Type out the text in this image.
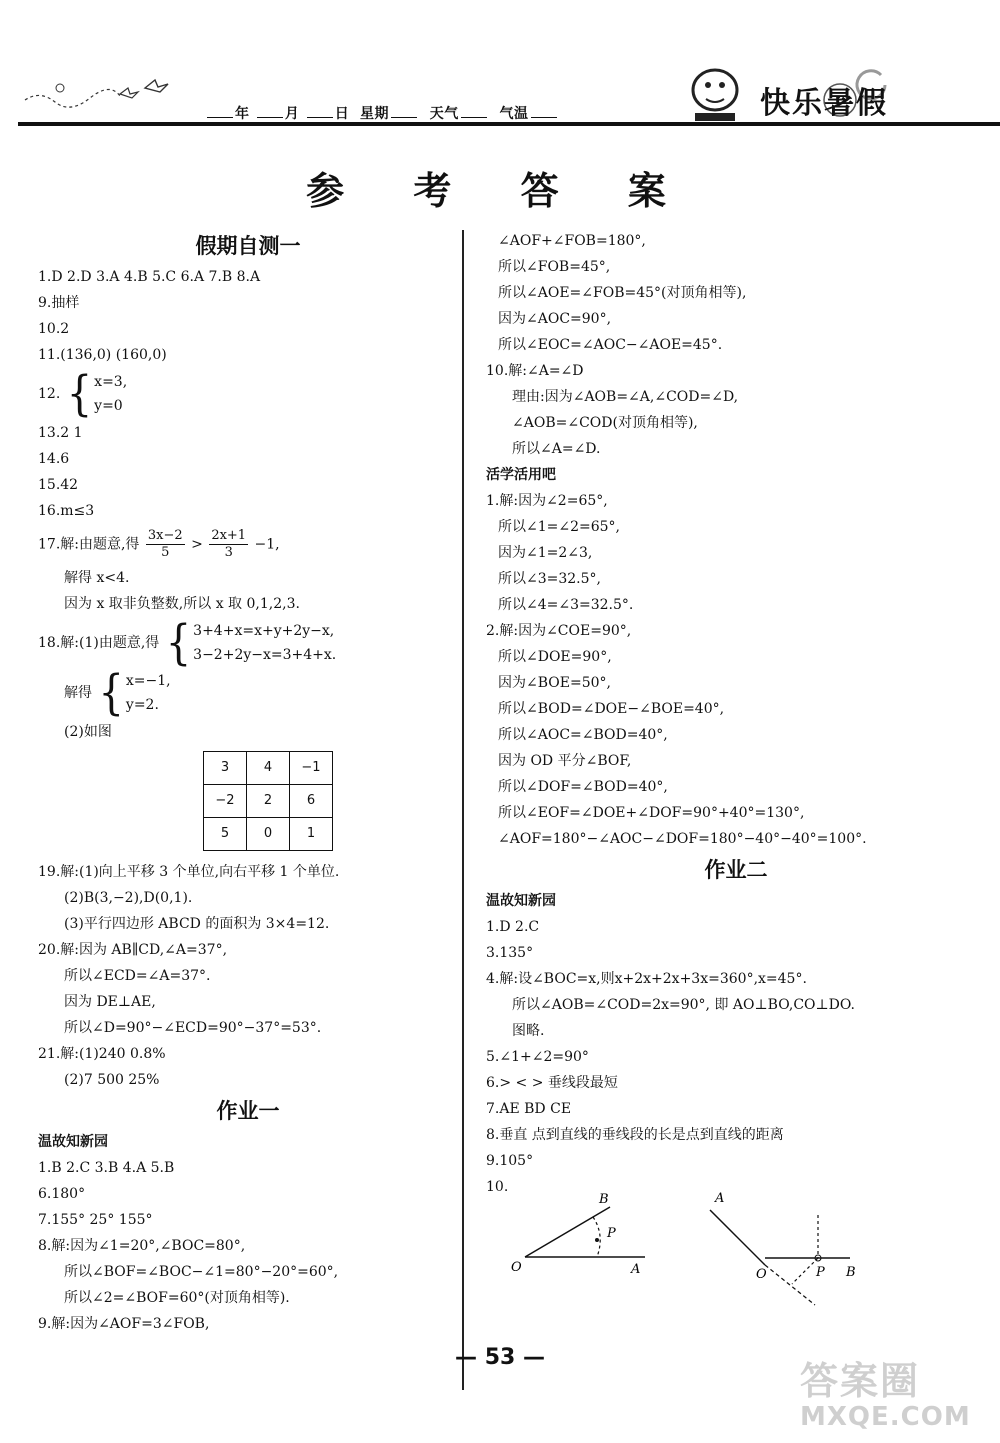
年	月	日 星期	天气	气温	快乐暑假
参 考 答 案
假期自测一
1.D 2.D 3.A 4.B 5.C 6.A 7.B 8.A
9.抽样
10.2
11.(136,0) (160,0)
12. { x=3,
y=0
13.2 1
14.6
15.42
16.m≤3
17.解:由题意,得 $\frac{3x-2}{5} > \frac{2x+1}{3} -1$,
解得 x<4.
因为 x 取非负整数,所以 x 取 0,1,2,3.
18.解:(1)由题意,得 { 3+4+x=x+y+2y−x,
3−2+2y−x=3+4+x.
解得 { x=−1,
y=2.
(2)如图
3	4	−1
−2	2	6
5	0	1
19.解:(1)向上平移 3 个单位,向右平移 1 个单位.
(2)B(3,−2),D(0,1).
(3)平行四边形 ABCD 的面积为 3×4=12.
20.解:因为 AB∥CD,∠A=37°,
所以∠ECD=∠A=37°.
因为 DE⊥AE,
所以∠D=90°−∠ECD=90°−37°=53°.
21.解:(1)240 0.8%
(2)7 500 25%
作业一
温故知新园
1.B 2.C 3.B 4.A 5.B
6.180°
7.155° 25° 155°
8.解:因为∠1=20°,∠BOC=80°,
所以∠BOF=∠BOC−∠1=80°−20°=60°,
所以∠2=∠BOF=60°(对顶角相等).
9.解:因为∠AOF=3∠FOB,
∠AOF+∠FOB=180°,
所以∠FOB=45°,
所以∠AOE=∠FOB=45°(对顶角相等),
因为∠AOC=90°,
所以∠EOC=∠AOC−∠AOE=45°.
10.解:∠A=∠D
理由:因为∠AOB=∠A,∠COD=∠D,
∠AOB=∠COD(对顶角相等),
所以∠A=∠D.
活学活用吧
1.解:因为∠2=65°,
所以∠1=∠2=65°,
因为∠1=2∠3,
所以∠3=32.5°,
所以∠4=∠3=32.5°.
2.解:因为∠COE=90°,
所以∠DOE=90°,
因为∠BOE=50°,
所以∠BOD=∠DOE−∠BOE=40°,
所以∠AOC=∠BOD=40°,
因为 OD 平分∠BOF,
所以∠DOF=∠BOD=40°,
所以∠EOF=∠DOE+∠DOF=90°+40°=130°,
∠AOF=180°−∠AOC−∠DOF=180°−40°−40°=100°.
作业二
温故知新园
1.D 2.C
3.135°
4.解:设∠BOC=x,则x+2x+2x+3x=360°,x=45°.
所以∠AOB=∠COD=2x=90°, 即 AO⊥BO,CO⊥DO.
图略.
5.∠1+∠2=90°
6.> < > 垂线段最短
7.AE BD CE
8.垂直 点到直线的垂线段的长是点到直线的距离
9.105°
10.
B
P
O	A
A
O	P B
— 53 —
答案圈
MXQE.COM
